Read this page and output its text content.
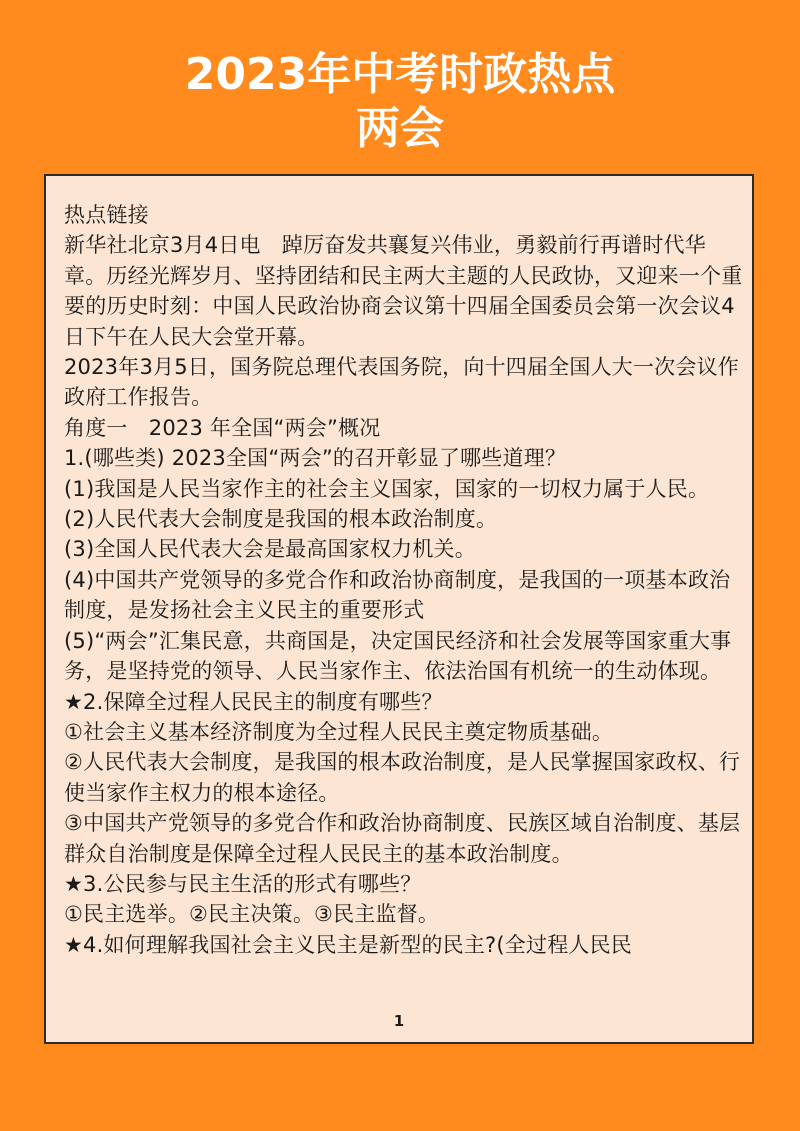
2023年中考时政热点
两会

热点链接

新华社北京3月4日电　踔厉奋发共襄复兴伟业，勇毅前行再谱时代华章。历经光辉岁月、坚持团结和民主两大主题的人民政协，又迎来一个重要的历史时刻：中国人民政治协商会议第十四届全国委员会第一次会议4日下午在人民大会堂开幕。

2023年3月5日，国务院总理代表国务院，向十四届全国人大一次会议作政府工作报告。

角度一　2023 年全国“两会”概况

1.(哪些类) 2023全国“两会”的召开彰显了哪些道理？

(1)我国是人民当家作主的社会主义国家，国家的一切权力属于人民。

(2)人民代表大会制度是我国的根本政治制度。

(3)全国人民代表大会是最高国家权力机关。

(4)中国共产党领导的多党合作和政治协商制度，是我国的一项基本政治制度，是发扬社会主义民主的重要形式

(5)“两会”汇集民意，共商国是，决定国民经济和社会发展等国家重大事务，是坚持党的领导、人民当家作主、依法治国有机统一的生动体现。

★2.保障全过程人民民主的制度有哪些？

①社会主义基本经济制度为全过程人民民主奠定物质基础。

②人民代表大会制度，是我国的根本政治制度，是人民掌握国家政权、行使当家作主权力的根本途径。

③中国共产党领导的多党合作和政治协商制度、民族区域自治制度、基层群众自治制度是保障全过程人民民主的基本政治制度。

★3.公民参与民主生活的形式有哪些？

①民主选举。②民主决策。③民主监督。

★4.如何理解我国社会主义民主是新型的民主?(全过程人民民

1
